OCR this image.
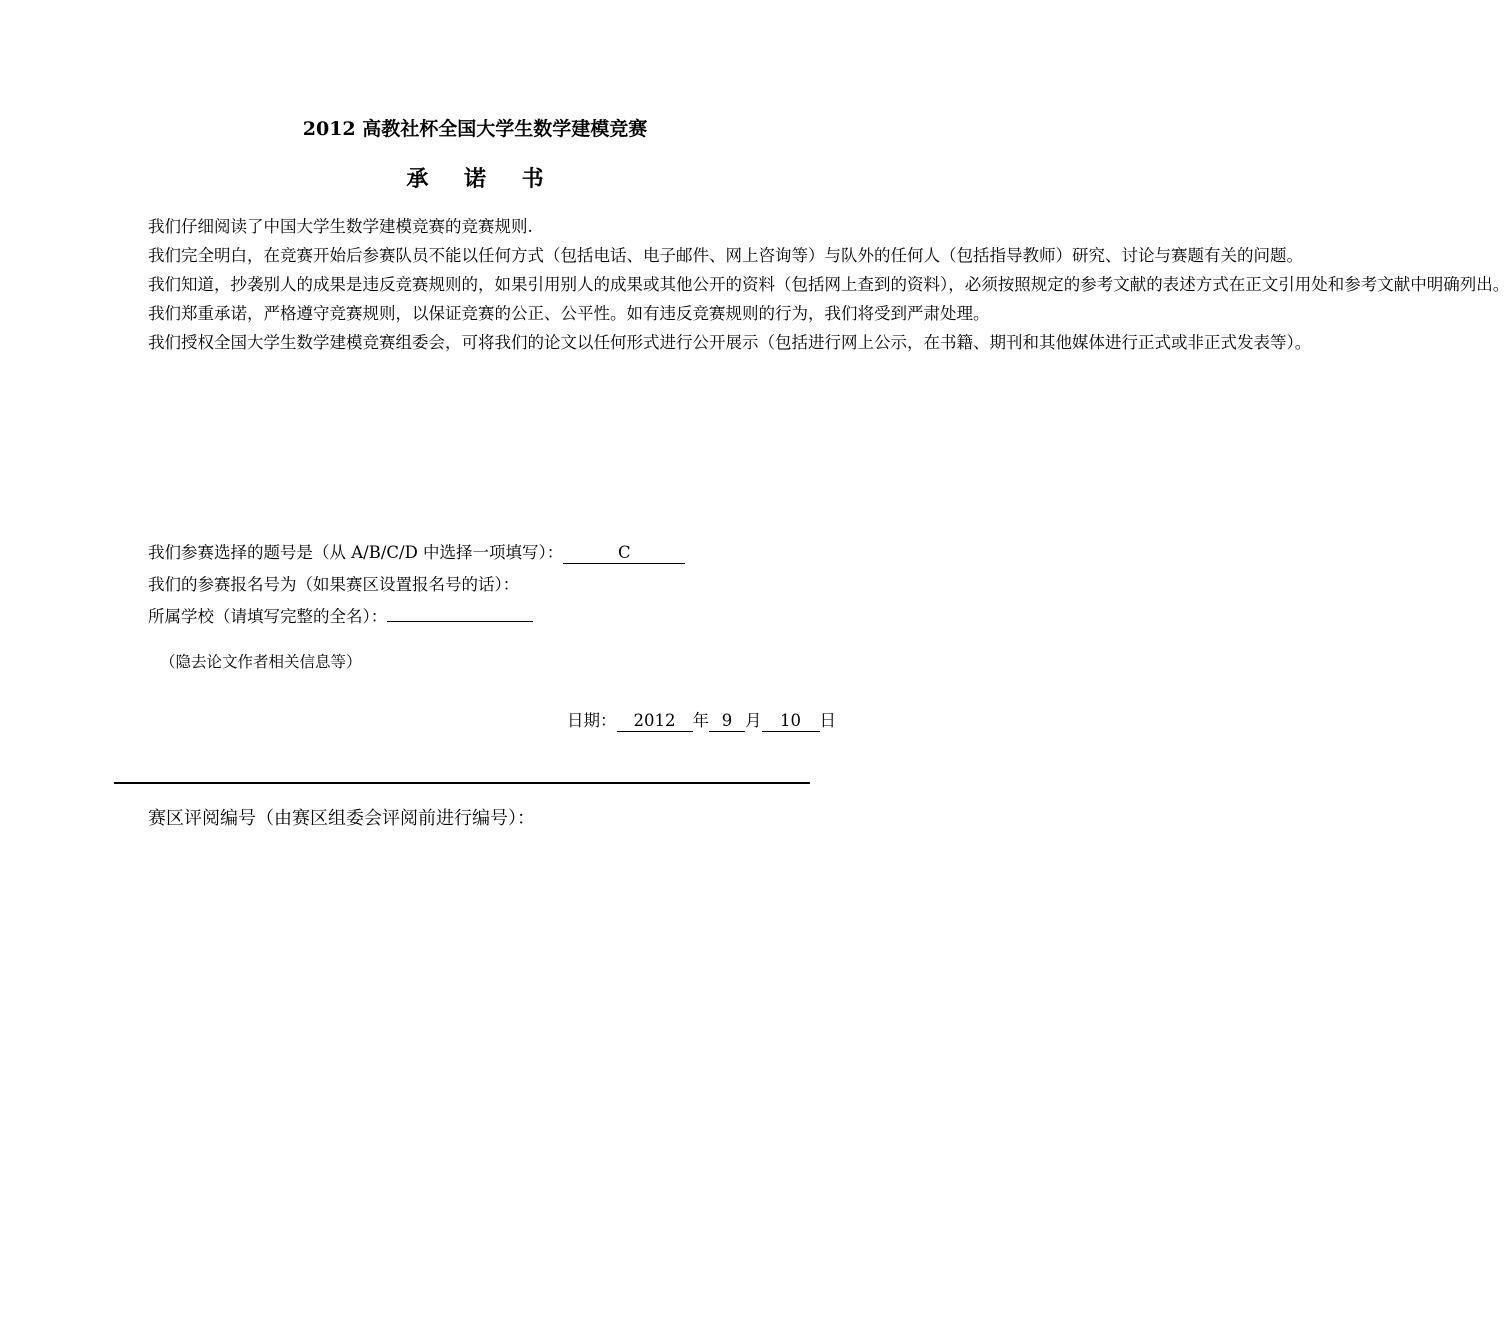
2012 高教社杯全国大学生数学建模竞赛
承 诺 书

我们仔细阅读了中国大学生数学建模竞赛的竞赛规则.

我们完全明白，在竞赛开始后参赛队员不能以任何方式（包括电话、电子邮件、网上咨询等）与队外的任何人（包括指导教师）研究、讨论与赛题有关的问题。

我们知道，抄袭别人的成果是违反竞赛规则的，如果引用别人的成果或其他公开的资料（包括网上查到的资料），必须按照规定的参考文献的表述方式在正文引用处和参考文献中明确列出。

我们郑重承诺，严格遵守竞赛规则，以保证竞赛的公正、公平性。如有违反竞赛规则的行为，我们将受到严肃处理。

我们授权全国大学生数学建模竞赛组委会，可将我们的论文以任何形式进行公开展示（包括进行网上公示，在书籍、期刊和其他媒体进行正式或非正式发表等）。

我们参赛选择的题号是（从 A/B/C/D 中选择一项填写）：	C
我们的参赛报名号为（如果赛区设置报名号的话）：
所属学校（请填写完整的全名）：
（隐去论文作者相关信息等）
日期： 2012 年 9 月 10 日
赛区评阅编号（由赛区组委会评阅前进行编号）：
